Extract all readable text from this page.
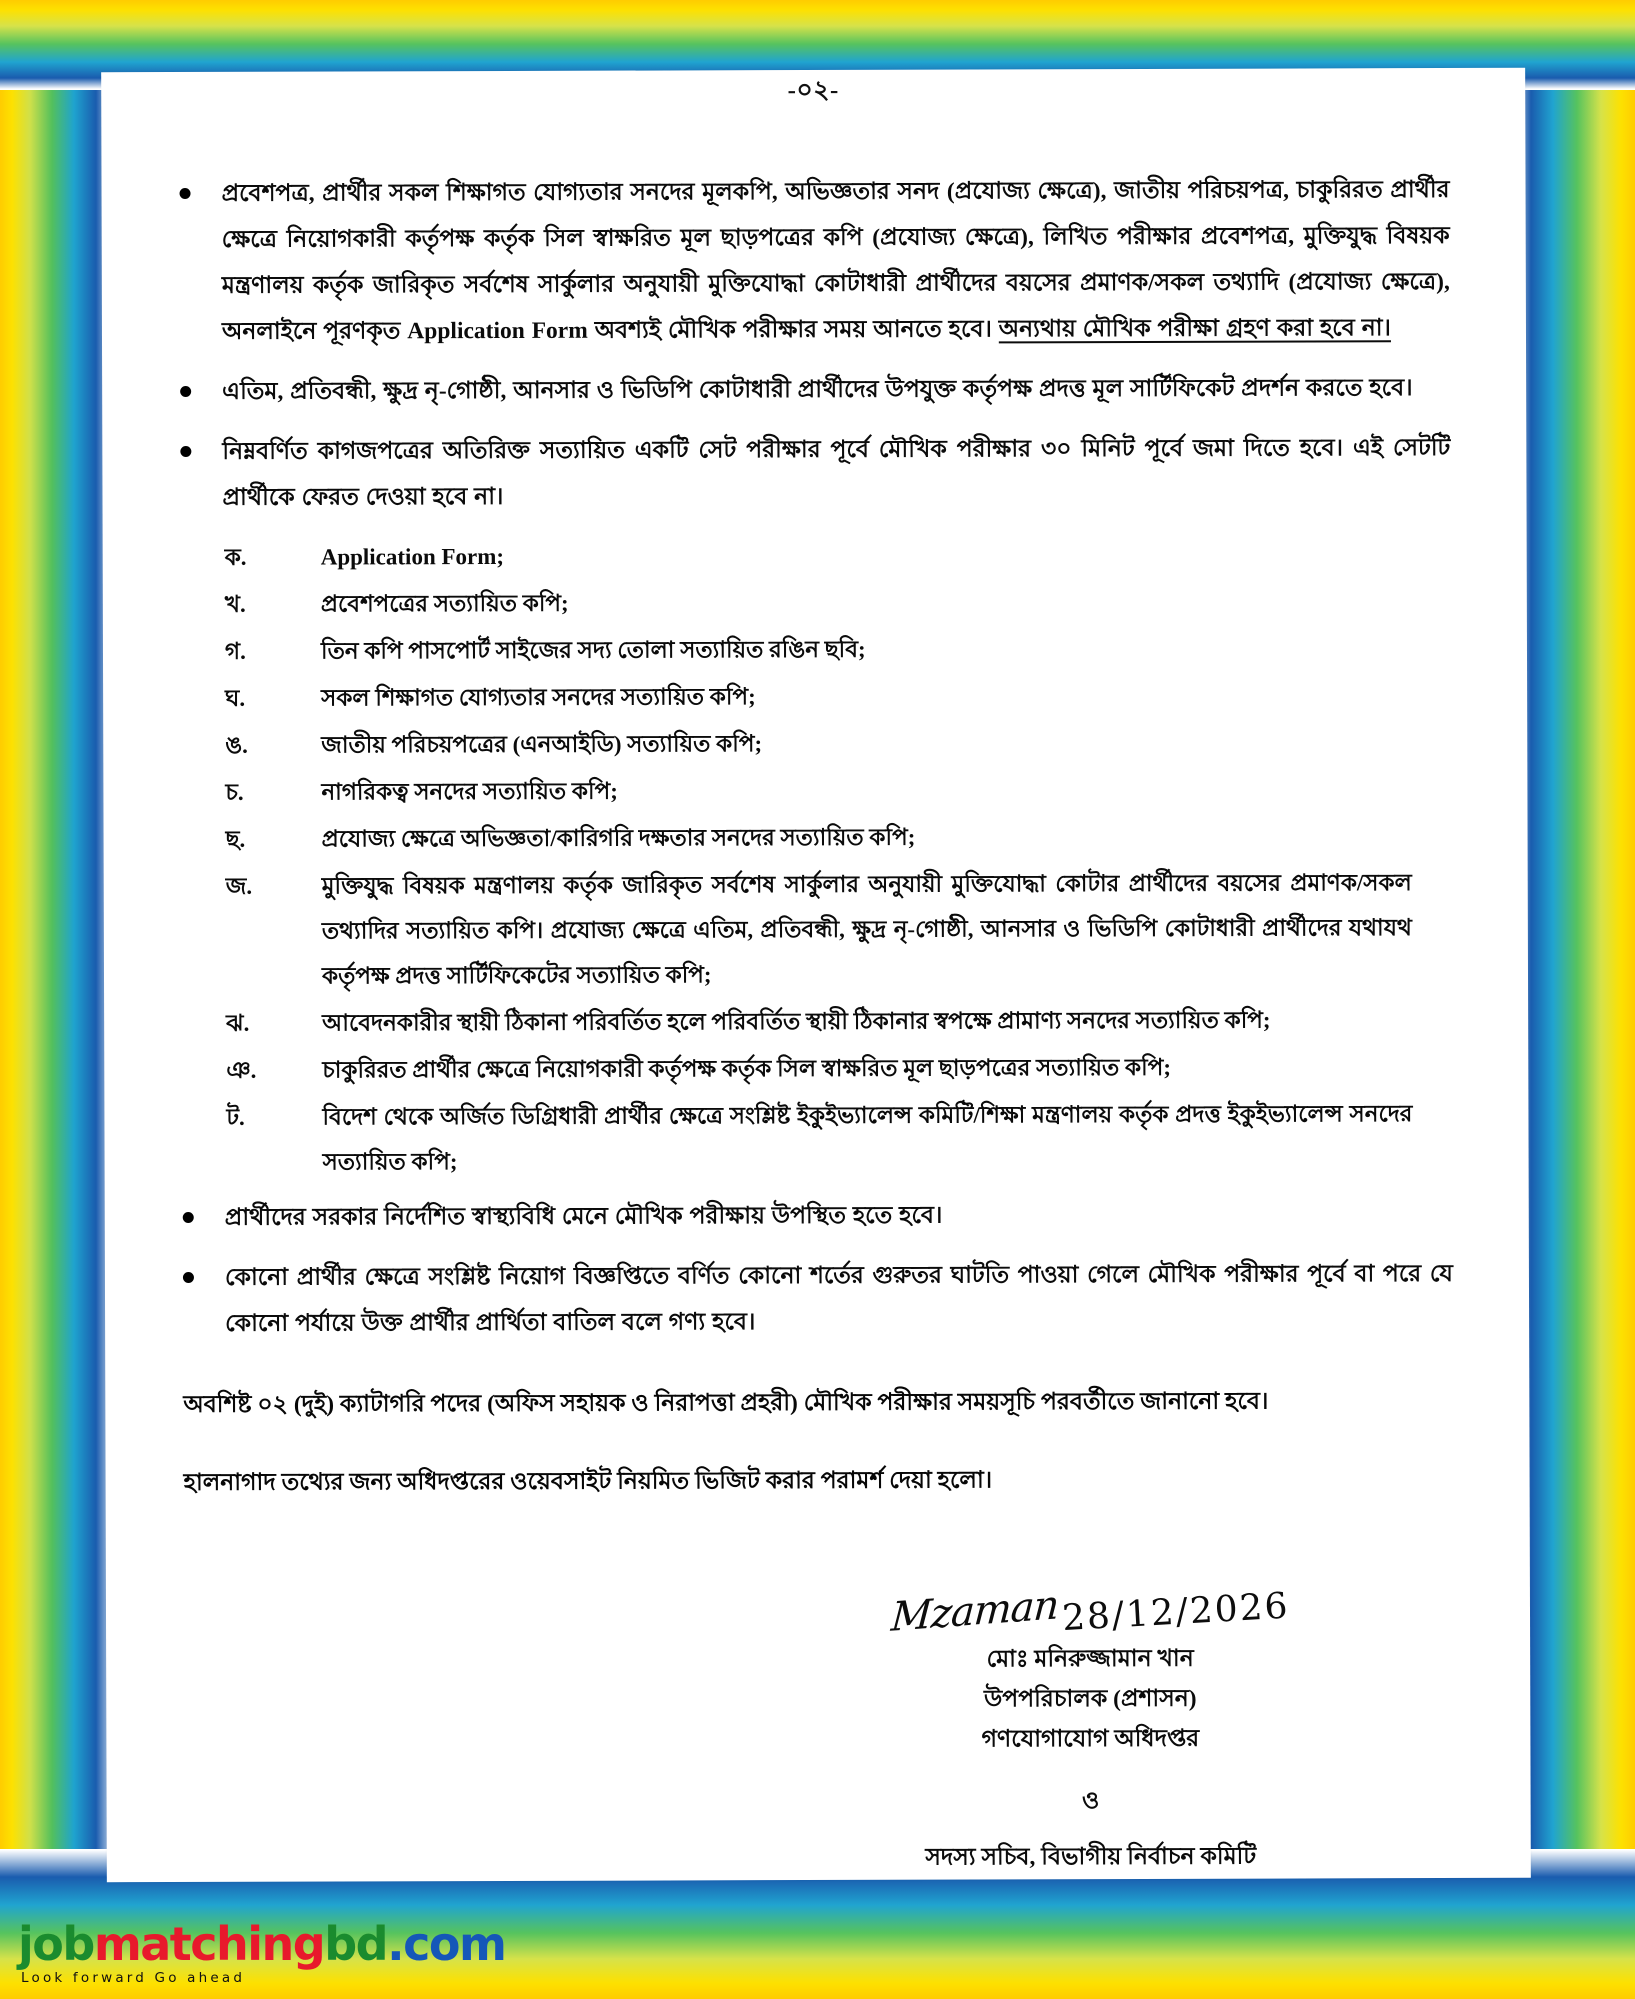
-০২-
প্রবেশপত্র, প্রার্থীর সকল শিক্ষাগত যোগ্যতার সনদের মূলকপি, অভিজ্ঞতার সনদ (প্রযোজ্য ক্ষেত্রে), জাতীয় পরিচয়পত্র, চাকুরিরত প্রার্থীর ক্ষেত্রে নিয়োগকারী কর্তৃপক্ষ কর্তৃক সিল স্বাক্ষরিত মূল ছাড়পত্রের কপি (প্রযোজ্য ক্ষেত্রে), লিখিত পরীক্ষার প্রবেশপত্র, মুক্তিযুদ্ধ বিষয়ক মন্ত্রণালয় কর্তৃক জারিকৃত সর্বশেষ সার্কুলার অনুযায়ী মুক্তিযোদ্ধা কোটাধারী প্রার্থীদের বয়সের প্রমাণক/সকল তথ্যাদি (প্রযোজ্য ক্ষেত্রে), অনলাইনে পূরণকৃত Application Form অবশ্যই মৌখিক পরীক্ষার সময় আনতে হবে। অন্যথায় মৌখিক পরীক্ষা গ্রহণ করা হবে না।
এতিম, প্রতিবন্ধী, ক্ষুদ্র নৃ-গোষ্ঠী, আনসার ও ভিডিপি কোটাধারী প্রার্থীদের উপযুক্ত কর্তৃপক্ষ প্রদত্ত মূল সার্টিফিকেট প্রদর্শন করতে হবে।
নিম্নবর্ণিত কাগজপত্রের অতিরিক্ত সত্যায়িত একটি সেট পরীক্ষার পূর্বে মৌখিক পরীক্ষার ৩০ মিনিট পূর্বে জমা দিতে হবে। এই সেটটি প্রার্থীকে ফেরত দেওয়া হবে না।
ক.	Application Form;
খ.	প্রবেশপত্রের সত্যায়িত কপি;
গ.	তিন কপি পাসপোর্ট সাইজের সদ্য তোলা সত্যায়িত রঙিন ছবি;
ঘ.	সকল শিক্ষাগত যোগ্যতার সনদের সত্যায়িত কপি;
ঙ.	জাতীয় পরিচয়পত্রের (এনআইডি) সত্যায়িত কপি;
চ.	নাগরিকত্ব সনদের সত্যায়িত কপি;
ছ.	প্রযোজ্য ক্ষেত্রে অভিজ্ঞতা/কারিগরি দক্ষতার সনদের সত্যায়িত কপি;
জ.	মুক্তিযুদ্ধ বিষয়ক মন্ত্রণালয় কর্তৃক জারিকৃত সর্বশেষ সার্কুলার অনুযায়ী মুক্তিযোদ্ধা কোটার প্রার্থীদের বয়সের প্রমাণক/সকল তথ্যাদির সত্যায়িত কপি। প্রযোজ্য ক্ষেত্রে এতিম, প্রতিবন্ধী, ক্ষুদ্র নৃ-গোষ্ঠী, আনসার ও ভিডিপি কোটাধারী প্রার্থীদের যথাযথ কর্তৃপক্ষ প্রদত্ত সার্টিফিকেটের সত্যায়িত কপি;
ঝ.	আবেদনকারীর স্থায়ী ঠিকানা পরিবর্তিত হলে পরিবর্তিত স্থায়ী ঠিকানার স্বপক্ষে প্রামাণ্য সনদের সত্যায়িত কপি;
ঞ.	চাকুরিরত প্রার্থীর ক্ষেত্রে নিয়োগকারী কর্তৃপক্ষ কর্তৃক সিল স্বাক্ষরিত মূল ছাড়পত্রের সত্যায়িত কপি;
ট.	বিদেশ থেকে অর্জিত ডিগ্রিধারী প্রার্থীর ক্ষেত্রে সংশ্লিষ্ট ইকুইভ্যালেন্স কমিটি/শিক্ষা মন্ত্রণালয় কর্তৃক প্রদত্ত ইকুইভ্যালেন্স সনদের সত্যায়িত কপি;
প্রার্থীদের সরকার নির্দেশিত স্বাস্থ্যবিধি মেনে মৌখিক পরীক্ষায় উপস্থিত হতে হবে।
কোনো প্রার্থীর ক্ষেত্রে সংশ্লিষ্ট নিয়োগ বিজ্ঞপ্তিতে বর্ণিত কোনো শর্তের গুরুতর ঘাটতি পাওয়া গেলে মৌখিক পরীক্ষার পূর্বে বা পরে যে কোনো পর্যায়ে উক্ত প্রার্থীর প্রার্থিতা বাতিল বলে গণ্য হবে।

অবশিষ্ট ০২ (দুই) ক্যাটাগরি পদের (অফিস সহায়ক ও নিরাপত্তা প্রহরী) মৌখিক পরীক্ষার সময়সূচি পরবর্তীতে জানানো হবে।

হালনাগাদ তথ্যের জন্য অধিদপ্তরের ওয়েবসাইট নিয়মিত ভিজিট করার পরামর্শ দেয়া হলো।

Mzaman 28/12/2026
মোঃ মনিরুজ্জামান খান
উপপরিচালক (প্রশাসন)
গণযোগাযোগ অধিদপ্তর
ও
সদস্য সচিব, বিভাগীয় নির্বাচন কমিটি
jobmatchingbd.com
Look forward Go ahead
